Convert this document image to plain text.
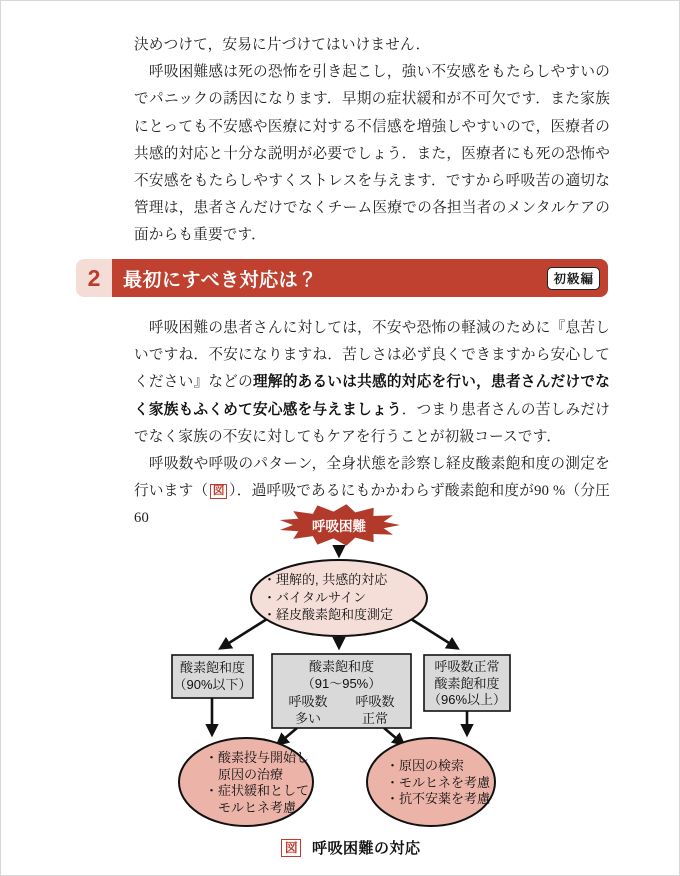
決めつけて，安易に片づけてはいけません．

　呼吸困難感は死の恐怖を引き起こし，強い不安感をもたらしやすいのでパニックの誘因になります．早期の症状緩和が不可欠です．また家族にとっても不安感や医療に対する不信感を増強しやすいので，医療者の共感的対応と十分な説明が必要でしょう．また，医療者にも死の恐怖や不安感をもたらしやすくストレスを与えます．ですから呼吸苦の適切な管理は，患者さんだけでなくチーム医療での各担当者のメンタルケアの面からも重要です．

2	最初にすべき対応は？	初級編

　呼吸困難の患者さんに対しては，不安や恐怖の軽減のために『息苦しいですね．不安になりますね．苦しさは必ず良くできますから安心してください』などの理解的あるいは共感的対応を行い，患者さんだけでなく家族もふくめて安心感を与えましょう．つまり患者さんの苦しみだけでなく家族の不安に対してもケアを行うことが初級コースです．

　呼吸数や呼吸のパターン，全身状態を診察し経皮酸素飽和度の測定を行います（ 図 ）．過呼吸であるにもかかわらず酸素飽和度が90 %（分圧60

呼吸困難
・理解的, 共感的対応
・バイタルサイン
・経皮酸素飽和度測定
酸素飽和度
（90%以下）
酸素飽和度
（91～95%）
呼吸数
多い
呼吸数
正常
呼吸数正常
酸素飽和度
（96%以上）
・酸素投与開始し
　原因の治療
・症状緩和として
　モルヒネ考慮
・原因の検索
・モルヒネを考慮
・抗不安薬を考慮
図 呼吸困難の対応
